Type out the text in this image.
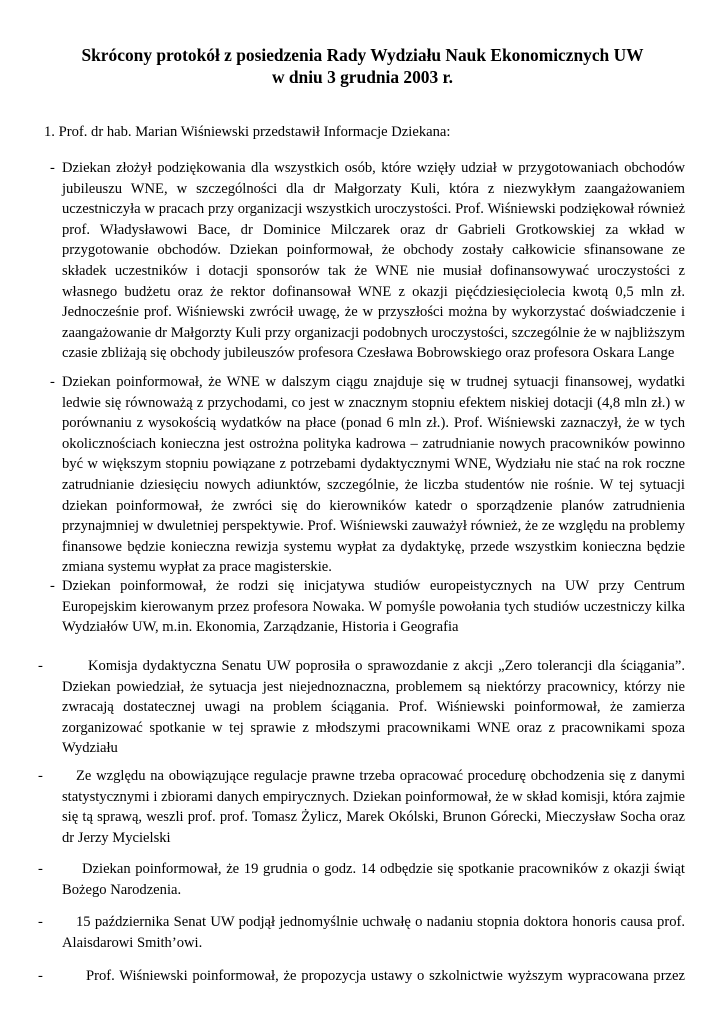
Skrócony protokół z posiedzenia Rady Wydziału Nauk Ekonomicznych UW
w dniu 3 grudnia 2003 r.
1. Prof. dr hab. Marian Wiśniewski przedstawił Informacje Dziekana:
- Dziekan złożył podziękowania dla wszystkich osób, które wzięły udział w przygotowaniach obchodów
jubileuszu WNE, w szczególności dla dr Małgorzaty Kuli, która z niezwykłym zaangażowaniem
uczestniczyła w pracach przy organizacji wszystkich uroczystości. Prof. Wiśniewski podziękował również
prof. Władysławowi Bace, dr Dominice Milczarek oraz dr Gabrieli Grotkowskiej za wkład w
przygotowanie obchodów. Dziekan poinformował, że obchody zostały całkowicie sfinansowane ze
składek uczestników i dotacji sponsorów tak że WNE nie musiał dofinansowywać uroczystości z
własnego budżetu oraz że rektor dofinansował WNE z okazji pięćdziesięciolecia kwotą 0,5 mln zł.
Jednocześnie prof. Wiśniewski zwrócił uwagę, że w przyszłości można by wykorzystać doświadczenie i
zaangażowanie dr Małgorzty Kuli przy organizacji podobnych uroczystości, szczególnie że w najbliższym
czasie zbliżają się obchody jubileuszów profesora Czesława Bobrowskiego oraz profesora Oskara Lange
- Dziekan poinformował, że WNE w dalszym ciągu znajduje się w trudnej sytuacji finansowej, wydatki
ledwie się równoważą z przychodami, co jest w znacznym stopniu efektem niskiej dotacji (4,8 mln zł.) w
porównaniu z wysokością wydatków na płace (ponad 6 mln zł.). Prof. Wiśniewski zaznaczył, że w tych
okolicznościach konieczna jest ostrożna polityka kadrowa – zatrudnianie nowych pracowników powinno
być w większym stopniu powiązane z potrzebami dydaktycznymi WNE, Wydziału nie stać na rok roczne
zatrudnianie dziesięciu nowych adiunktów, szczególnie, że liczba studentów nie rośnie. W tej sytuacji
dziekan poinformował, że zwróci się do kierowników katedr o sporządzenie planów zatrudnienia
przynajmniej w dwuletniej perspektywie. Prof. Wiśniewski zauważył również, że ze względu na problemy
finansowe będzie konieczna rewizja systemu wypłat za dydaktykę, przede wszystkim konieczna będzie
zmiana systemu wypłat za prace magisterskie.
- Dziekan poinformował, że rodzi się inicjatywa studiów europeistycznych na UW przy Centrum
Europejskim kierowanym przez profesora Nowaka. W pomyśle powołania tych studiów uczestniczy kilka
Wydziałów UW, m.in. Ekonomia, Zarządzanie, Historia i Geografia
-	Komisja dydaktyczna Senatu UW poprosiła o sprawozdanie z akcji „Zero tolerancji dla ściągania”.
Dziekan powiedział, że sytuacja jest niejednoznaczna, problemem są niektórzy pracownicy, którzy nie
zwracają dostatecznej uwagi na problem ściągania. Prof. Wiśniewski poinformował, że zamierza
zorganizować spotkanie w tej sprawie z młodszymi pracownikami WNE oraz z pracownikami spoza
Wydziału
- Ze względu na obowiązujące regulacje prawne trzeba opracować procedurę obchodzenia się z danymi
statystycznymi i zbiorami danych empirycznych. Dziekan poinformował, że w skład komisji, która zajmie
się tą sprawą, weszli prof. prof. Tomasz Żylicz, Marek Okólski, Brunon Górecki, Mieczysław Socha oraz
dr Jerzy Mycielski
-	Dziekan poinformował, że 19 grudnia o godz. 14 odbędzie się spotkanie pracowników z okazji świąt
Bożego Narodzenia.
- 15 października Senat UW podjął jednomyślnie uchwałę o nadaniu stopnia doktora honoris causa prof.
Alaisdarowi Smith’owi.
-	Prof. Wiśniewski poinformował, że propozycja ustawy o szkolnictwie wyższym wypracowana przez
